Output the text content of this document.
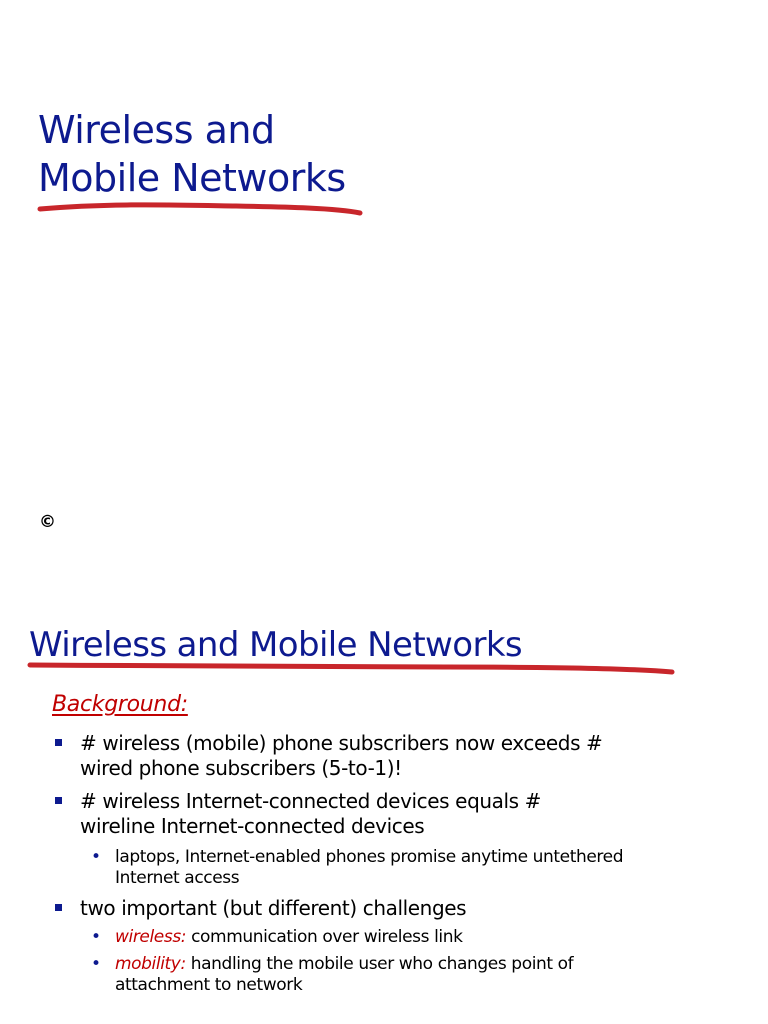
Wireless and
Mobile Networks
©
Wireless and Mobile Networks
Background:
# wireless (mobile) phone subscribers now exceeds #
wired phone subscribers (5-to-1)!
# wireless Internet-connected devices equals #
wireline Internet-connected devices
• laptops, Internet-enabled phones promise anytime untethered
Internet access
two important (but different) challenges
• wireless: communication over wireless link
• mobility: handling the mobile user who changes point of
attachment to network
